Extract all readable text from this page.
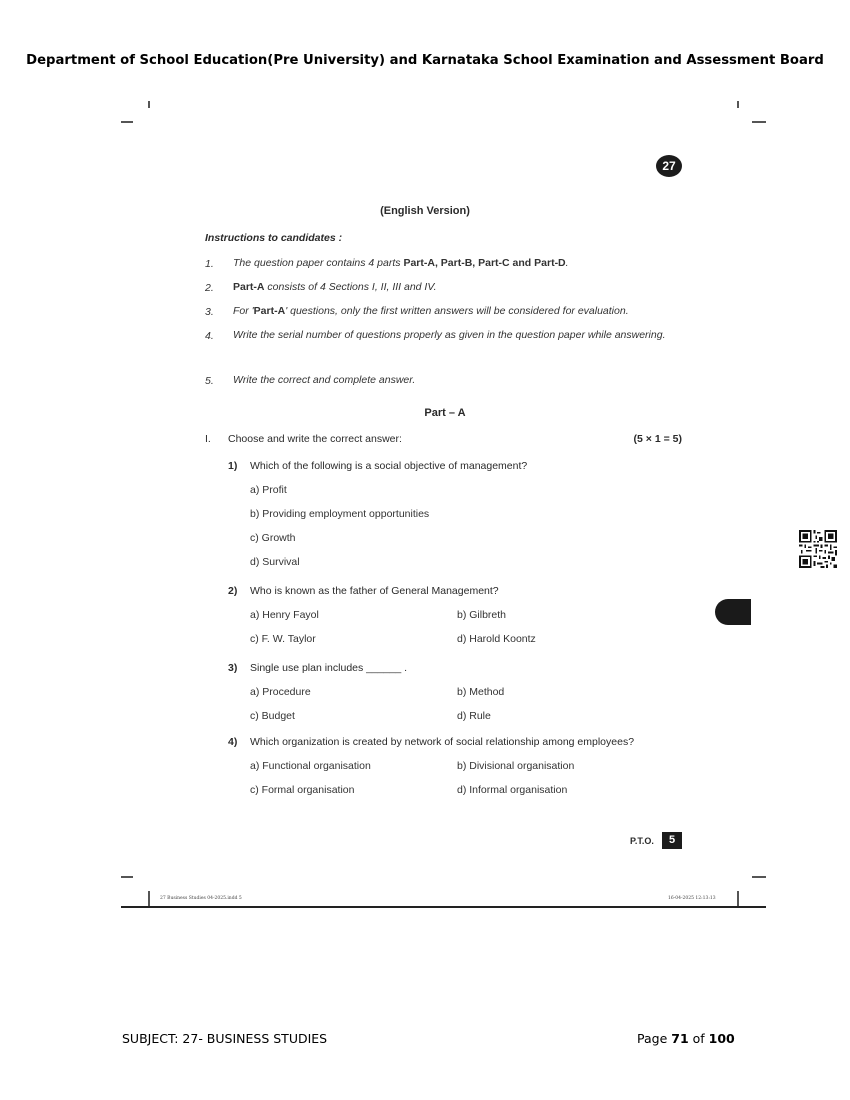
Department of School Education(Pre University) and Karnataka School Examination and Assessment Board
27
(English Version)
Instructions to candidates :
1. The question paper contains 4 parts Part-A, Part-B, Part-C and Part-D.
2. Part-A consists of 4 Sections I, II, III and IV.
3. For 'Part-A' questions, only the first written answers will be considered for evaluation.
4. Write the serial number of questions properly as given in the question paper while answering.
5. Write the correct and complete answer.
Part – A
I. Choose and write the correct answer:	(5 × 1 = 5)
1) Which of the following is a social objective of management?
a) Profit
b) Providing employment opportunities
c) Growth
d) Survival
2) Who is known as the father of General Management?
a) Henry Fayol	b) Gilbreth
c) F. W. Taylor	d) Harold Koontz
3) Single use plan includes ______ .
a) Procedure	b) Method
c) Budget	d) Rule
4) Which organization is created by network of social relationship among employees?
a) Functional organisation	b) Divisional organisation
c) Formal organisation	d) Informal organisation
P.T.O.	5
27 Business Studies 04-2025.indd 5	16-04-2025 12:13:13
SUBJECT: 27- BUSINESS STUDIES	Page 71 of 100
